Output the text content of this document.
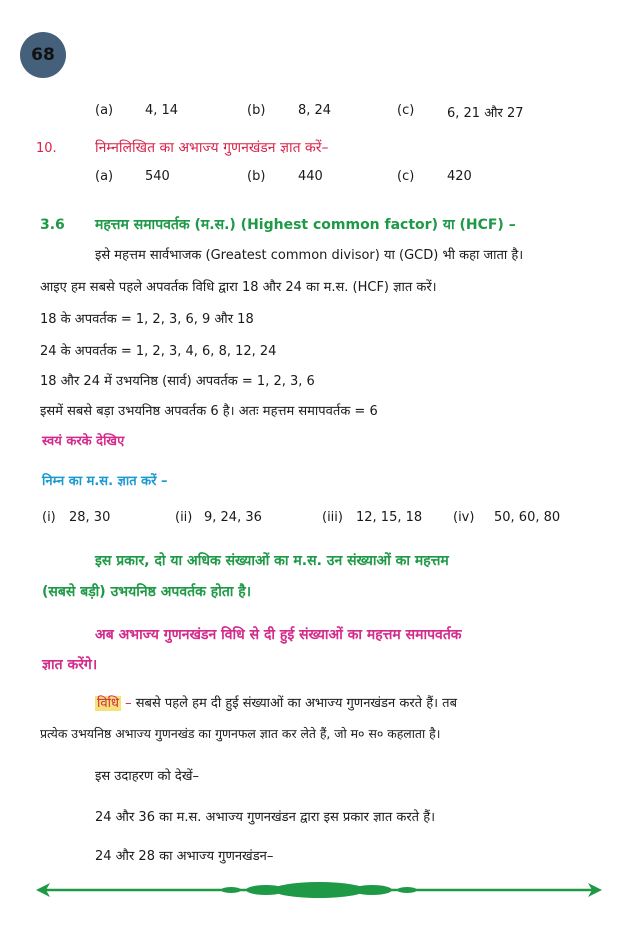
68
(a) 4, 14	(b)	8, 24	(c)	6, 21 और 27
10.	निम्नलिखित का अभाज्य गुणनखंडन ज्ञात करें–
(a) 540	(b)	440	(c)	420
3.6 महत्तम समापवर्तक (म.स.) (Highest common factor) या (HCF) –
इसे महत्तम सार्वभाजक (Greatest common divisor) या (GCD) भी कहा जाता है।
आइए हम सबसे पहले अपवर्तक विधि द्वारा 18 और 24 का म.स. (HCF) ज्ञात करें।
18 के अपवर्तक = 1, 2, 3, 6, 9 और 18
24 के अपवर्तक = 1, 2, 3, 4, 6, 8, 12, 24
18 और 24 में उभयनिष्ठ (सार्व) अपवर्तक = 1, 2, 3, 6
इसमें सबसे बड़ा उभयनिष्ठ अपवर्तक 6 है। अतः महत्तम समापवर्तक = 6
स्वयं करके देखिए
निम्न का म.स. ज्ञात करें –
(i) 28, 30	(ii) 9, 24, 36	(iii) 12, 15, 18 (iv) 50, 60, 80
इस प्रकार, दो या अधिक संख्याओं का म.स. उन संख्याओं का महत्तम
(सबसे बड़ी) उभयनिष्ठ अपवर्तक होता है।
अब अभाज्य गुणनखंडन विधि से दी हुई संख्याओं का महत्तम समापवर्तक
ज्ञात करेंगे।
विधि – सबसे पहले हम दी हुई संख्याओं का अभाज्य गुणनखंडन करते हैं। तब
प्रत्येक उभयनिष्ठ अभाज्य गुणनखंड का गुणनफल ज्ञात कर लेते हैं, जो म० स० कहलाता है।
इस उदाहरण को देखें–
24 और 36 का म.स. अभाज्य गुणनखंडन द्वारा इस प्रकार ज्ञात करते हैं।
24 और 28 का अभाज्य गुणनखंडन–
